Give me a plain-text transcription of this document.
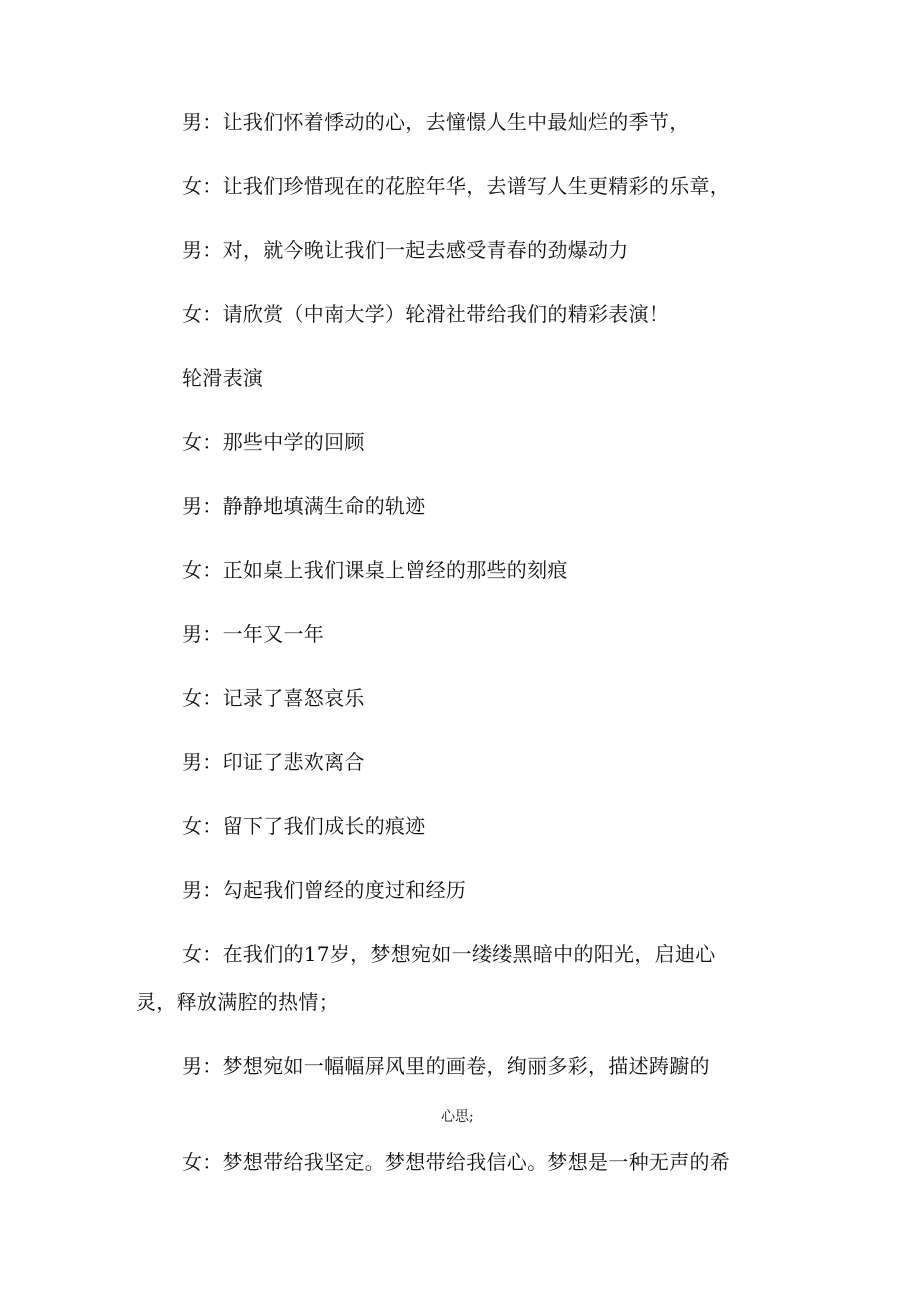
男：让我们怀着悸动的心，去憧憬人生中最灿烂的季节，
女：让我们珍惜现在的花腔年华，去谱写人生更精彩的乐章，
男：对，就今晚让我们一起去感受青春的劲爆动力
女：请欣赏（中南大学）轮滑社带给我们的精彩表演！
轮滑表演
女：那些中学的回顾
男：静静地填满生命的轨迹
女：正如桌上我们课桌上曾经的那些的刻痕
男：一年又一年
女：记录了喜怒哀乐
男：印证了悲欢离合
女：留下了我们成长的痕迹
男：勾起我们曾经的度过和经历
女：在我们的17岁，梦想宛如一缕缕黑暗中的阳光，启迪心
灵，释放满腔的热情；
男：梦想宛如一幅幅屏风里的画卷，绚丽多彩，描述踌躕的
心思;
女：梦想带给我坚定。梦想带给我信心。梦想是一种无声的希
